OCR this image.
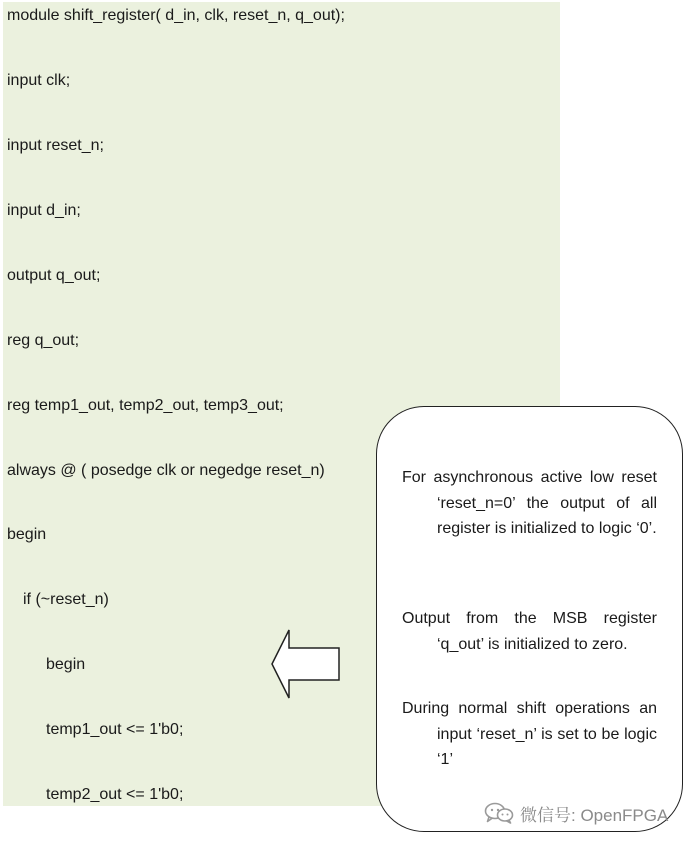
module shift_register( d_in, clk, reset_n, q_out);
input clk;
input reset_n;
input d_in;
output q_out;
reg q_out;
reg temp1_out, temp2_out, temp3_out;
always @ ( posedge clk or negedge reset_n)
begin
if (~reset_n)
begin
temp1_out <= 1'b0;
temp2_out <= 1'b0;
For asynchronous active low reset ‘reset_n=0’ the output of all register is initialized to logic ‘0’.
Output from the MSB register ‘q_out’ is initialized to zero.
During normal shift operations an input ‘reset_n’ is set to be logic ‘1’
微信号: OpenFPGA
